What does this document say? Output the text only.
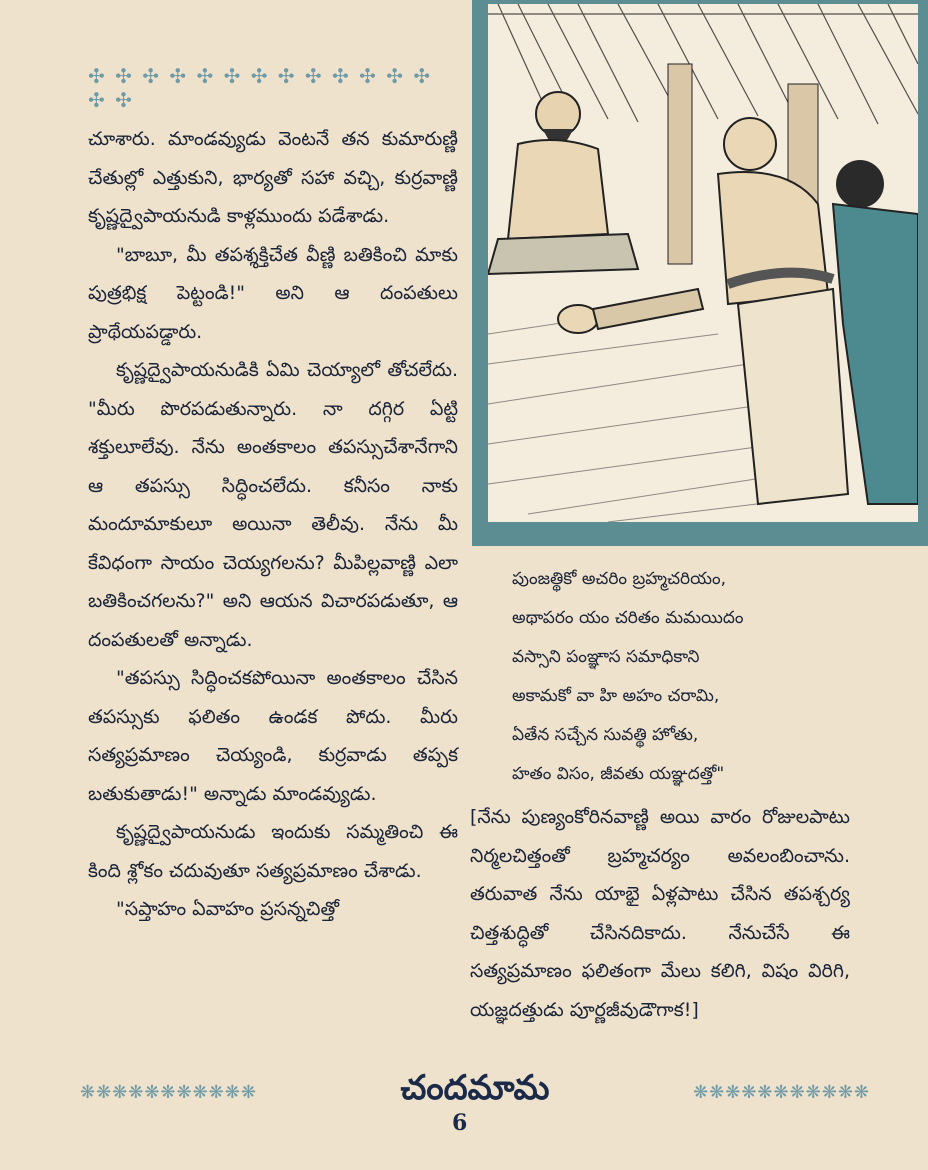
✣ ✣ ✣ ✣ ✣ ✣ ✣ ✣ ✣ ✣ ✣ ✣ ✣ ✣ ✣

చూశారు. మాండవ్యుడు వెంటనే తన కుమారుణ్ణి చేతుల్లో ఎత్తుకుని, భార్యతో సహా వచ్చి, కుర్రవాణ్ణి కృష్ణద్వైపాయనుడి కాళ్లముందు పడేశాడు.

"బాబూ, మీ తపశ్శక్తిచేత వీణ్ణి బతికించి మాకు పుత్రభిక్ష పెట్టండి!" అని ఆ దంపతులు ప్రాథేయపడ్డారు.

కృష్ణద్వైపాయనుడికి ఏమి చెయ్యాలో తోచలేదు. "మీరు పొరపడుతున్నారు. నా దగ్గిర ఏట్టి శక్తులూలేవు. నేను అంతకాలం తపస్సుచేశానేగాని ఆ తపస్సు సిద్ధించలేదు. కనీసం నాకు మందూమాకులూ అయినా తెలీవు. నేను మీ కేవిధంగా సాయం చెయ్యగలను? మీపిల్లవాణ్ణి ఎలా బతికించగలను?" అని ఆయన విచారపడుతూ, ఆ దంపతులతో అన్నాడు.

"తపస్సు సిద్ధించకపోయినా అంతకాలం చేసిన తపస్సుకు ఫలితం ఉండక పోదు. మీరు సత్యప్రమాణం చెయ్యండి, కుర్రవాడు తప్పక బతుకుతాడు!" అన్నాడు మాండవ్యుడు.

కృష్ణద్వైపాయనుడు ఇందుకు సమ్మతించి ఈ కింది శ్లోకం చదువుతూ సత్యప్రమాణం చేశాడు.

"సప్తాహం ఏవాహం ప్రసన్నచిత్తో

పుంజత్థికో అచరిం బ్రహ్మచరియం,
అథాపరం యం చరితం మమయిదం
వస్సాని పంఞ్ఞాస సమాధికాని
అకామకో వా హి అహం చరామి,
ఏతేన సచ్చేన సువత్థి హోతు,
హతం విసం, జీవతు యఞ్ఞదత్తో"

[నేను పుణ్యంకోరినవాణ్ణి అయి వారం రోజులపాటు నిర్మలచిత్తంతో బ్రహ్మచర్యం అవలంబించాను. తరువాత నేను యాభై ఏళ్లపాటు చేసిన తపశ్చర్య చిత్తశుద్ధితో చేసినదికాదు. నేనుచేసే ఈ సత్యప్రమాణం ఫలితంగా మేలు కలిగి, విషం విరిగి, యజ్ఞదత్తుడు పూర్ణజీవుడౌగాక!]

❋❋❋❋❋❋❋❋❋❋❋	చందమామ	❋❋❋❋❋❋❋❋❋❋❋
6
